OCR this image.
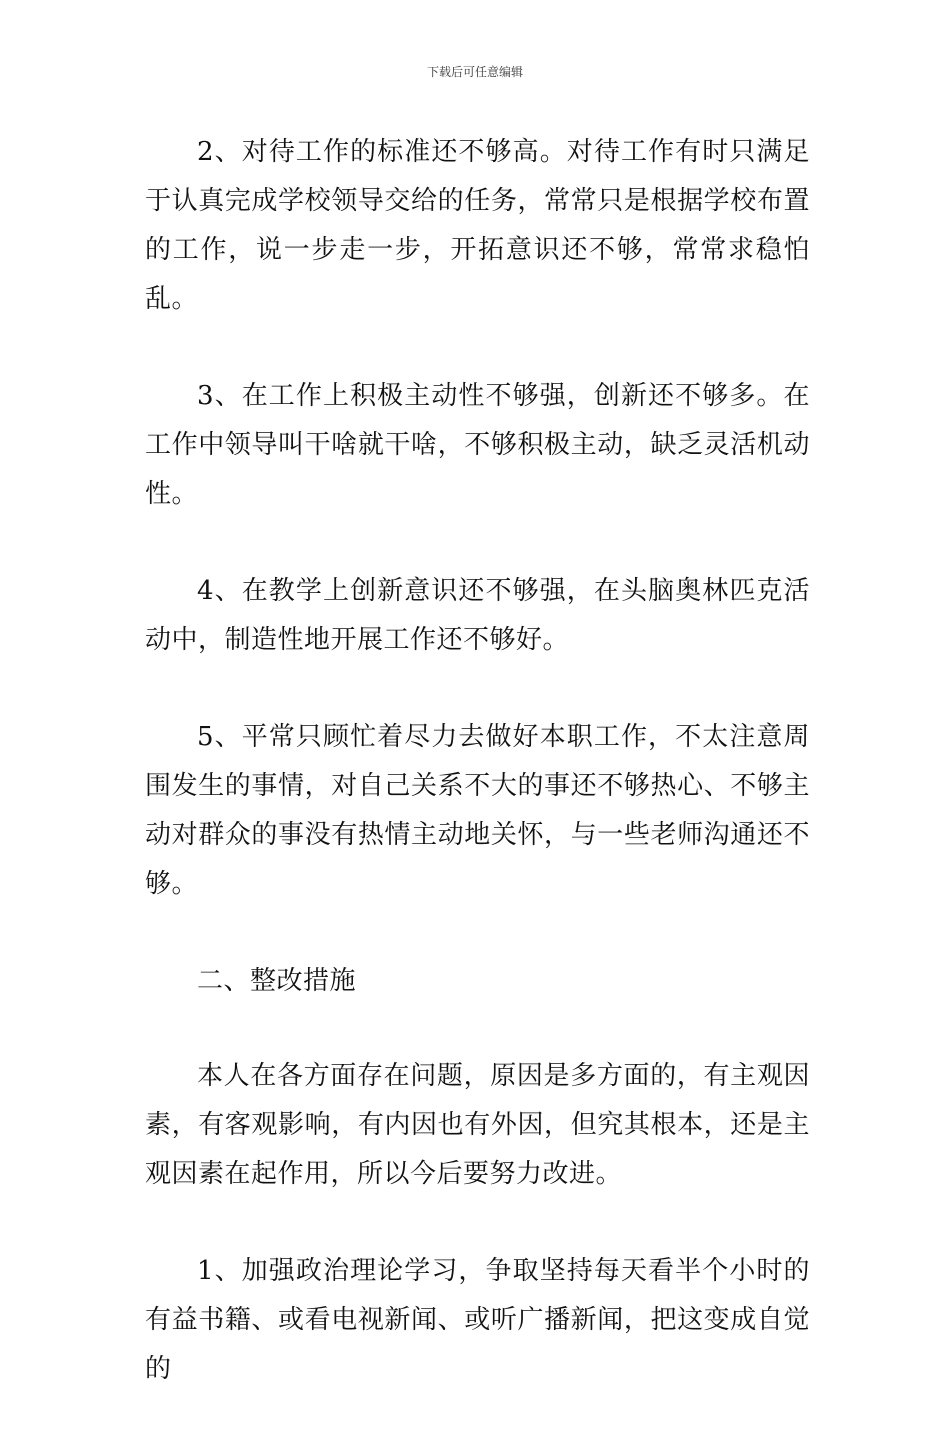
下载后可任意编辑

2、对待工作的标准还不够高。对待工作有时只满足于认真完成学校领导交给的任务，常常只是根据学校布置的工作，说一步走一步，开拓意识还不够，常常求稳怕乱。

3、在工作上积极主动性不够强，创新还不够多。在工作中领导叫干啥就干啥，不够积极主动，缺乏灵活机动性。

4、在教学上创新意识还不够强，在头脑奥林匹克活动中，制造性地开展工作还不够好。

5、平常只顾忙着尽力去做好本职工作，不太注意周围发生的事情，对自己关系不大的事还不够热心、不够主动对群众的事没有热情主动地关怀，与一些老师沟通还不够。

二、整改措施

本人在各方面存在问题，原因是多方面的，有主观因素，有客观影响，有内因也有外因，但究其根本，还是主观因素在起作用，所以今后要努力改进。

1、加强政治理论学习，争取坚持每天看半个小时的有益书籍、或看电视新闻、或听广播新闻，把这变成自觉的
